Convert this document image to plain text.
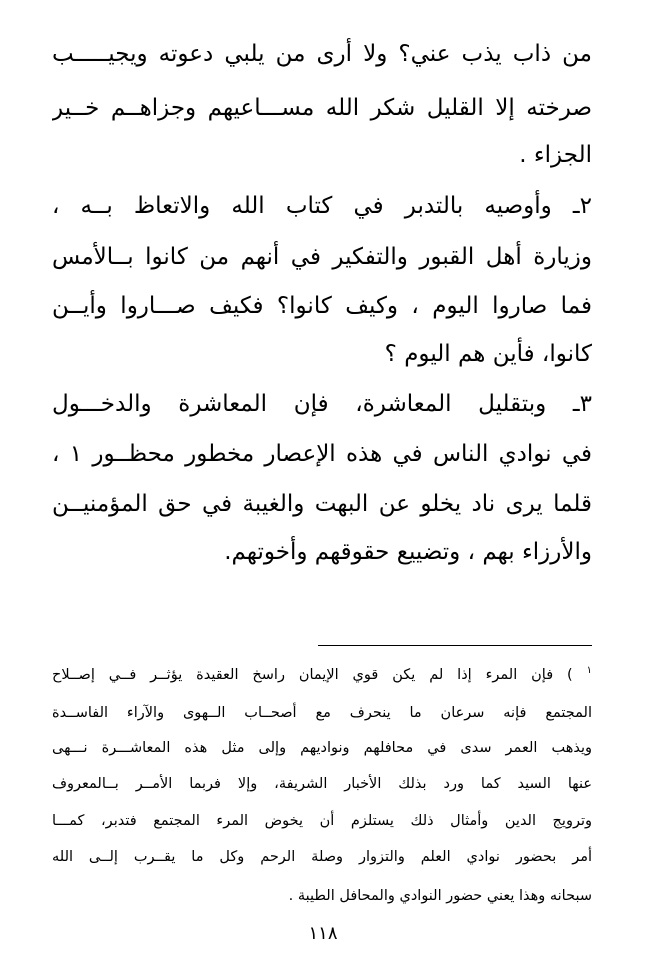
من ذاب يذب عني؟ ولا أرى من يلبي دعوته ويجيـــــب
صرخته إلا القليل شكر الله مســـاعيهم وجزاهــم خــير
الجزاء .
٢ـ وأوصيه بالتدبر في كتاب الله والاتعاظ بــه ،
وزيارة أهل القبور والتفكير في أنهم من كانوا بــالأمس
فما صاروا اليوم ، وكيف كانوا؟ فكيف صـــاروا وأيــن
كانوا، فأين هم اليوم ؟
٣ـ وبتقليل المعاشرة، فإن المعاشرة والدخـــول
في نوادي الناس في هذه الإعصار مخطور محظــور ١ ،
قلما يرى ناد يخلو عن البهت والغيبة في حق المؤمنيــن
والأرزاء بهم ، وتضييع حقوقهم وأخوتهم.
$^١$ ) فإن المرء إذا لم يكن قوي الإيمان راسخ العقيدة يؤثــر فــي إصــلاح
المجتمع فإنه سرعان ما ينحرف مع أصحــاب الــهوى والآراء الفاســدة
ويذهب العمر سدى في محافلهم ونواديهم وإلى مثل هذه المعاشـــرة نـــهى
عنها السيد كما ورد بذلك الأخبار الشريفة، وإلا فربما الأمــر بــالمعروف
وترويج الدين وأمثال ذلك يستلزم أن يخوض المرء المجتمع فتدبر، كمـــا
أمر بحضور نوادي العلم والتزوار وصلة الرحم وكل ما يقــرب إلــى الله
سبحانه وهذا يعني حضور النوادي والمحافل الطيبة .
١١٨
